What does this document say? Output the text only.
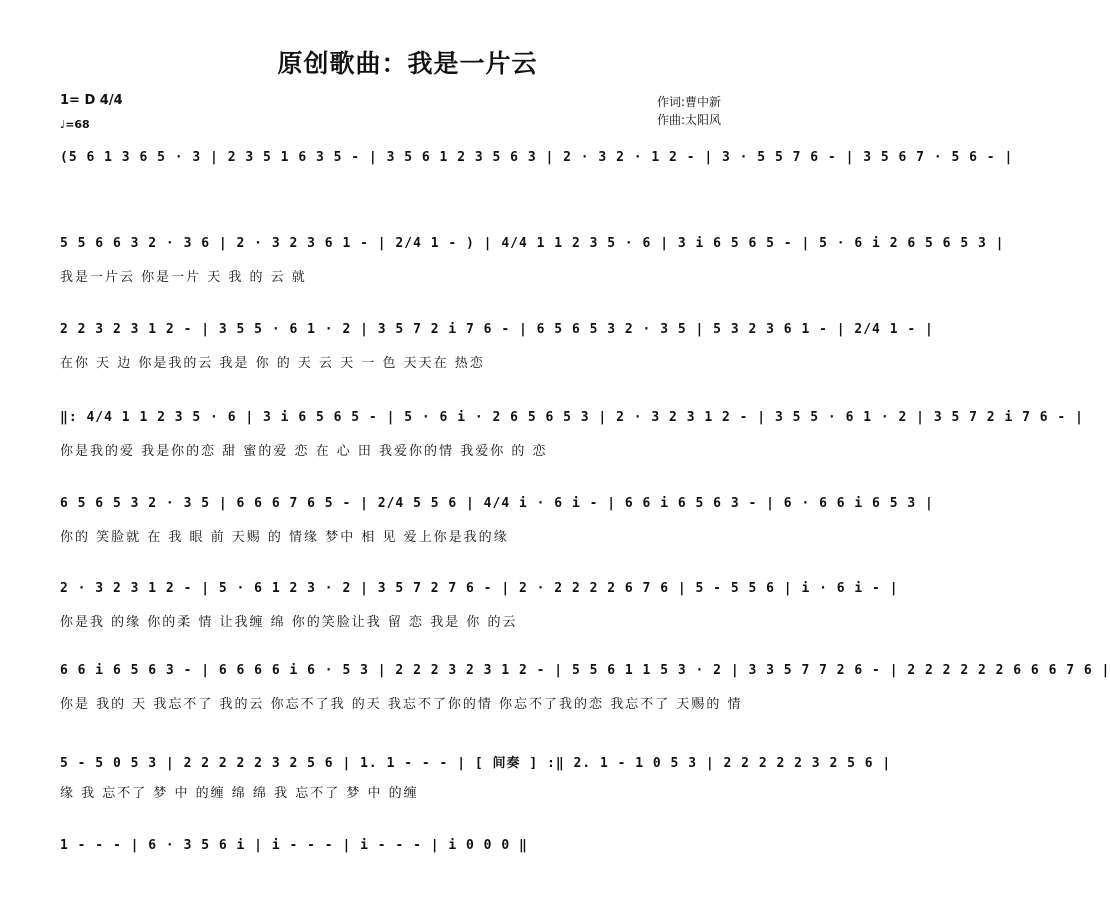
原创歌曲：我是一片云
1= D 4/4
♩=68
作词:曹中新
作曲:太阳风
(5 6 1 3 6 5 · 3 | 2 3 5 1 6 3 5 - | 3 5 6 1 2 3 5 6 3 | 2 · 3 2 · 1 2 - | 3 · 5 5 7 6 - | 3 5 6 7 · 5 6 - |
5 5 6 6 3 2 · 3 6 | 2 · 3 2 3 6 1 - | 2/4 1 - ) | 4/4 1 1 2 3 5 · 6 | 3 i 6 5 6 5 - | 5 · 6 i 2 6 5 6 5 3 |
我是一片云 你是一片 天 我 的 云 就
2 2 3 2 3 1 2 - | 3 5 5 · 6 1 · 2 | 3 5 7 2 i 7 6 - | 6 5 6 5 3 2 · 3 5 | 5 3 2 3 6 1 - | 2/4 1 - |
在你 天 边 你是我的云 我是 你 的 天 云 天 一 色 天天在 热恋
‖: 4/4 1 1 2 3 5 · 6 | 3 i 6 5 6 5 - | 5 · 6 i · 2 6 5 6 5 3 | 2 · 3 2 3 1 2 - | 3 5 5 · 6 1 · 2 | 3 5 7 2 i 7 6 - |
你是我的爱 我是你的恋 甜 蜜的爱 恋 在 心 田 我爱你的情 我爱你 的 恋
6 5 6 5 3 2 · 3 5 | 6 6 6 7 6 5 - | 2/4 5 5 6 | 4/4 i · 6 i - | 6 6 i 6 5 6 3 - | 6 · 6 6 i 6 5 3 |
你的 笑脸就 在 我 眼 前 天赐 的 情缘 梦中 相 见 爱上你是我的缘
2 · 3 2 3 1 2 - | 5 · 6 1 2 3 · 2 | 3 5 7 2 7 6 - | 2 · 2 2 2 2 6 7 6 | 5 - 5 5 6 | i · 6 i - |
你是我 的缘 你的柔 情 让我缠 绵 你的笑脸让我 留 恋 我是 你 的云
6 6 i 6 5 6 3 - | 6 6 6 6 i 6 · 5 3 | 2 2 2 3 2 3 1 2 - | 5 5 6 1 1 5 3 · 2 | 3 3 5 7 7 2 6 - | 2 2 2 2 2 2 6 6 6 7 6 |
你是 我的 天 我忘不了 我的云 你忘不了我 的天 我忘不了你的情 你忘不了我的恋 我忘不了 天赐的 情
5 - 5 0 5 3 | 2 2 2 2 2 3 2 5 6 | 1. 1 - - - | [ 间奏 ] :‖ 2. 1 - 1 0 5 3 | 2 2 2 2 2 3 2 5 6 |
缘 我 忘不了 梦 中 的缠 绵 绵 我 忘不了 梦 中 的缠
1 - - - | 6 · 3 5 6 i | i - - - | i - - - | i 0 0 0 ‖
